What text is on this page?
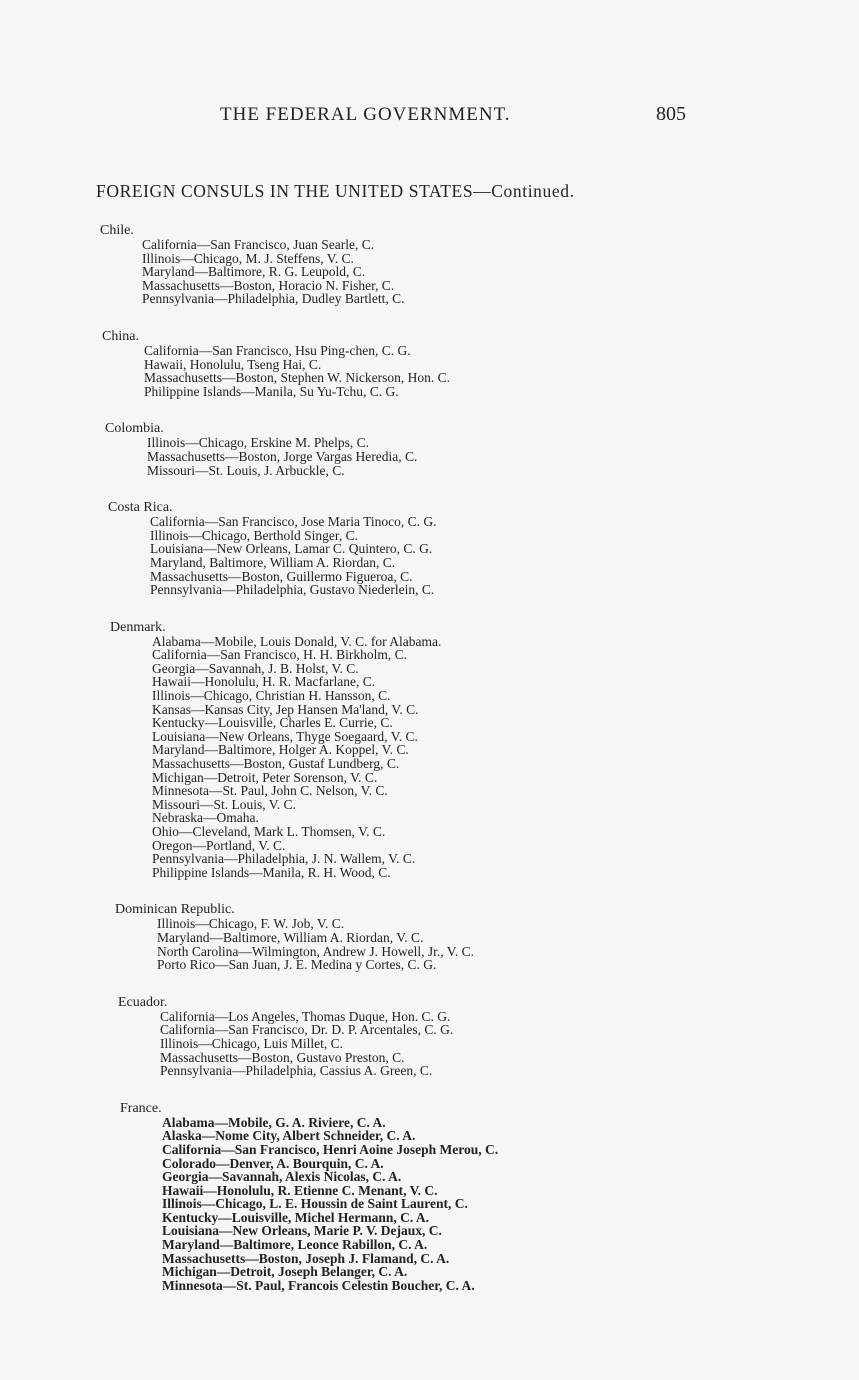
THE FEDERAL GOVERNMENT.	805
FOREIGN CONSULS IN THE UNITED STATES—Continued.
Chile.
California—San Francisco, Juan Searle, C.
Illinois—Chicago, M. J. Steffens, V. C.
Maryland—Baltimore, R. G. Leupold, C.
Massachusetts—Boston, Horacio N. Fisher, C.
Pennsylvania—Philadelphia, Dudley Bartlett, C.
China.
California—San Francisco, Hsu Ping-chen, C. G.
Hawaii, Honolulu, Tseng Hai, C.
Massachusetts—Boston, Stephen W. Nickerson, Hon. C.
Philippine Islands—Manila, Su Yu-Tchu, C. G.
Colombia.
Illinois—Chicago, Erskine M. Phelps, C.
Massachusetts—Boston, Jorge Vargas Heredia, C.
Missouri—St. Louis, J. Arbuckle, C.
Costa Rica.
California—San Francisco, Jose Maria Tinoco, C. G.
Illinois—Chicago, Berthold Singer, C.
Louisiana—New Orleans, Lamar C. Quintero, C. G.
Maryland, Baltimore, William A. Riordan, C.
Massachusetts—Boston, Guillermo Figueroa, C.
Pennsylvania—Philadelphia, Gustavo Niederlein, C.
Denmark.
Alabama—Mobile, Louis Donald, V. C. for Alabama.
California—San Francisco, H. H. Birkholm, C.
Georgia—Savannah, J. B. Holst, V. C.
Hawaii—Honolulu, H. R. Macfarlane, C.
Illinois—Chicago, Christian H. Hansson, C.
Kansas—Kansas City, Jep Hansen Ma'land, V. C.
Kentucky—Louisville, Charles E. Currie, C.
Louisiana—New Orleans, Thyge Soegaard, V. C.
Maryland—Baltimore, Holger A. Koppel, V. C.
Massachusetts—Boston, Gustaf Lundberg, C.
Michigan—Detroit, Peter Sorenson, V. C.
Minnesota—St. Paul, John C. Nelson, V. C.
Missouri—St. Louis, V. C.
Nebraska—Omaha.
Ohio—Cleveland, Mark L. Thomsen, V. C.
Oregon—Portland, V. C.
Pennsylvania—Philadelphia, J. N. Wallem, V. C.
Philippine Islands—Manila, R. H. Wood, C.
Dominican Republic.
Illinois—Chicago, F. W. Job, V. C.
Maryland—Baltimore, William A. Riordan, V. C.
North Carolina—Wilmington, Andrew J. Howell, Jr., V. C.
Porto Rico—San Juan, J. E. Medina y Cortes, C. G.
Ecuador.
California—Los Angeles, Thomas Duque, Hon. C. G.
California—San Francisco, Dr. D. P. Arcentales, C. G.
Illinois—Chicago, Luis Millet, C.
Massachusetts—Boston, Gustavo Preston, C.
Pennsylvania—Philadelphia, Cassius A. Green, C.
France.
Alabama—Mobile, G. A. Riviere, C. A.
Alaska—Nome City, Albert Schneider, C. A.
California—San Francisco, Henri Aoine Joseph Merou, C.
Colorado—Denver, A. Bourquin, C. A.
Georgia—Savannah, Alexis Nicolas, C. A.
Hawaii—Honolulu, R. Etienne C. Menant, V. C.
Illinois—Chicago, L. E. Houssin de Saint Laurent, C.
Kentucky—Louisville, Michel Hermann, C. A.
Louisiana—New Orleans, Marie P. V. Dejaux, C.
Maryland—Baltimore, Leonce Rabillon, C. A.
Massachusetts—Boston, Joseph J. Flamand, C. A.
Michigan—Detroit, Joseph Belanger, C. A.
Minnesota—St. Paul, Francois Celestin Boucher, C. A.
